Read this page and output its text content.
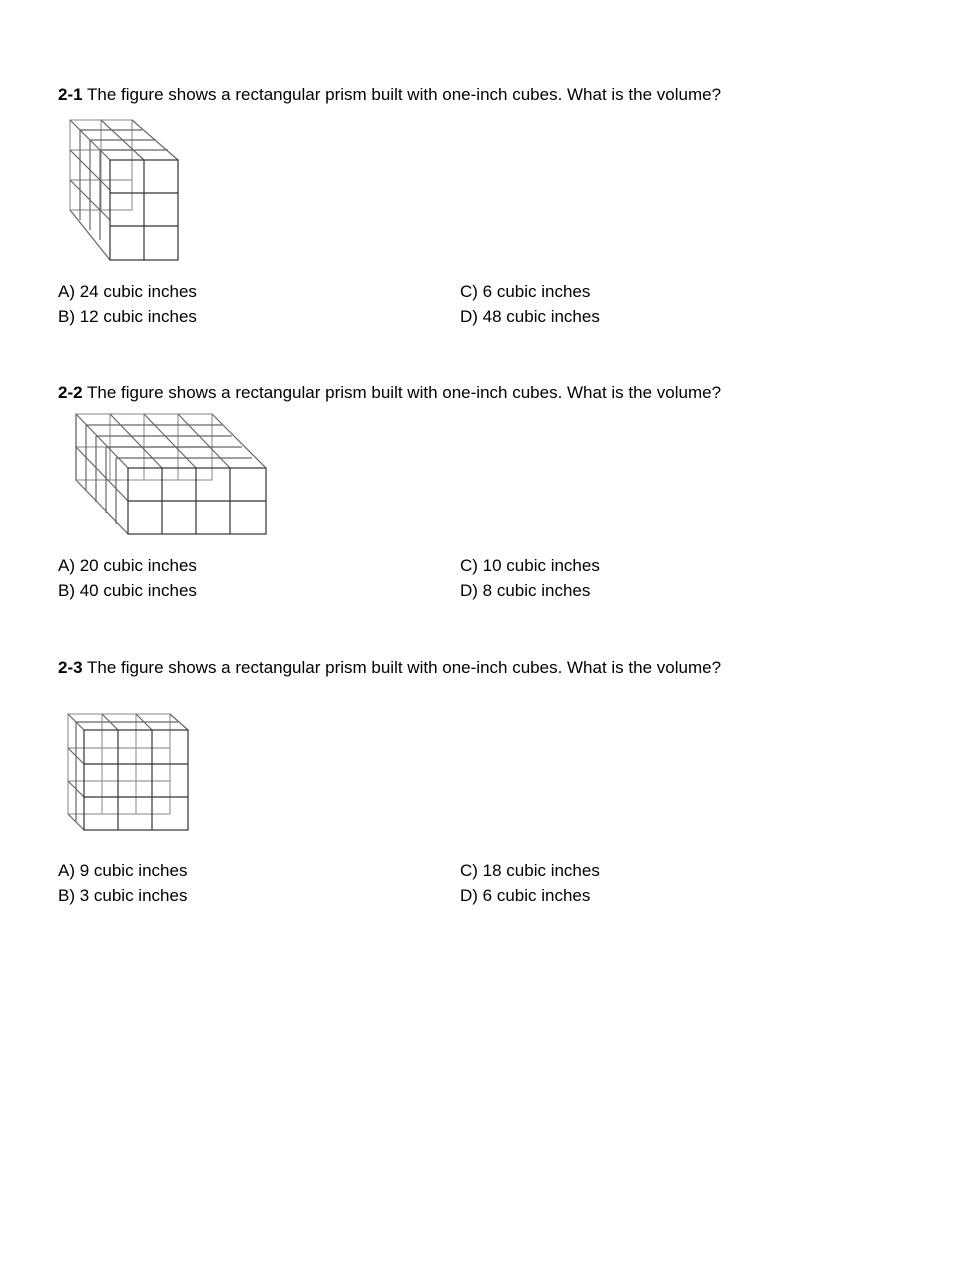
2-1 The figure shows a rectangular prism built with one-inch cubes. What is the volume?
A) 24 cubic inches
B) 12 cubic inches
C) 6 cubic inches
D) 48 cubic inches
2-2 The figure shows a rectangular prism built with one-inch cubes. What is the volume?
A) 20 cubic inches
B) 40 cubic inches
C) 10 cubic inches
D) 8 cubic inches
2-3 The figure shows a rectangular prism built with one-inch cubes. What is the volume?
A) 9 cubic inches
B) 3 cubic inches
C) 18 cubic inches
D) 6 cubic inches
